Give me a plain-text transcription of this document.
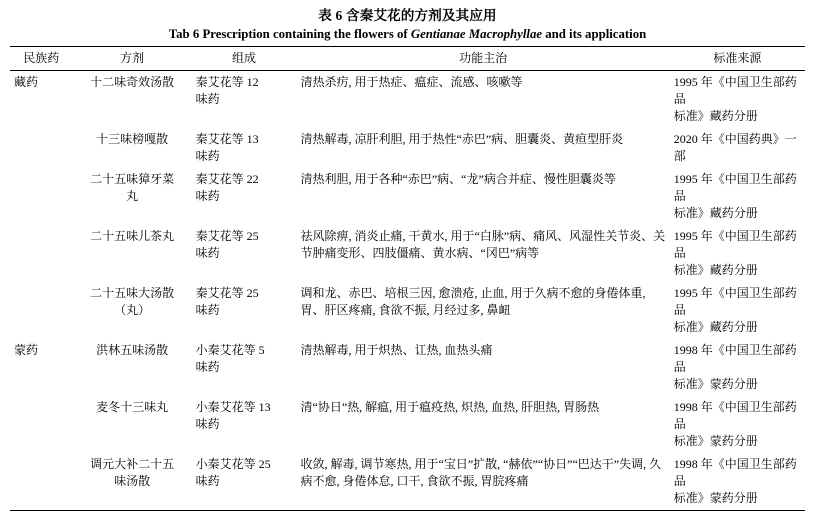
表 6 含秦艾花的方剂及其应用
Tab 6 Prescription containing the flowers of Gentianae Macrophyllae and its application
民族药	方剂	组成	功能主治	标准来源
藏药	十二味奇效汤散	秦艾花等 12
味药	清热杀疠, 用于热症、瘟症、流感、咳嗽等	1995 年《中国卫生部药品
标准》藏药分册
	十三味榜嘎散	秦艾花等 13
味药	清热解毒, 凉肝利胆, 用于热性“赤巴”病、胆囊炎、黄疸型肝炎	2020 年《中国药典》一部
	二十五味獐牙菜
丸	秦艾花等 22
味药	清热利胆, 用于各种“赤巴”病、“龙”病合并症、慢性胆囊炎等	1995 年《中国卫生部药品
标准》藏药分册
	二十五味儿茶丸	秦艾花等 25
味药	祛风除痹, 消炎止痛, 干黄水, 用于“白脉”病、痛风、风湿性关节炎、关节肿痛变形、四肢僵痛、黄水病、“冈巴”病等	1995 年《中国卫生部药品
标准》藏药分册
	二十五味大汤散
（丸）	秦艾花等 25
味药	调和龙、赤巴、培根三因, 愈溃疮, 止血, 用于久病不愈的身倦体重, 胃、肝区疼痛, 食欲不振, 月经过多, 鼻衄	1995 年《中国卫生部药品
标准》藏药分册
蒙药	洪林五味汤散	小秦艾花等 5
味药	清热解毒, 用于炽热、讧热, 血热头痛	1998 年《中国卫生部药品
标准》蒙药分册
	麦冬十三味丸	小秦艾花等 13
味药	清“协日”热, 解瘟, 用于瘟疫热, 炽热, 血热, 肝胆热, 胃肠热	1998 年《中国卫生部药品
标准》蒙药分册
	调元大补二十五
味汤散	小秦艾花等 25
味药	收敛, 解毒, 调节寒热, 用于“宝日”扩散, “赫依”“协日”“巴达干”失调, 久病不愈, 身倦体怠, 口干, 食欲不振, 胃脘疼痛	1998 年《中国卫生部药品
标准》蒙药分册
